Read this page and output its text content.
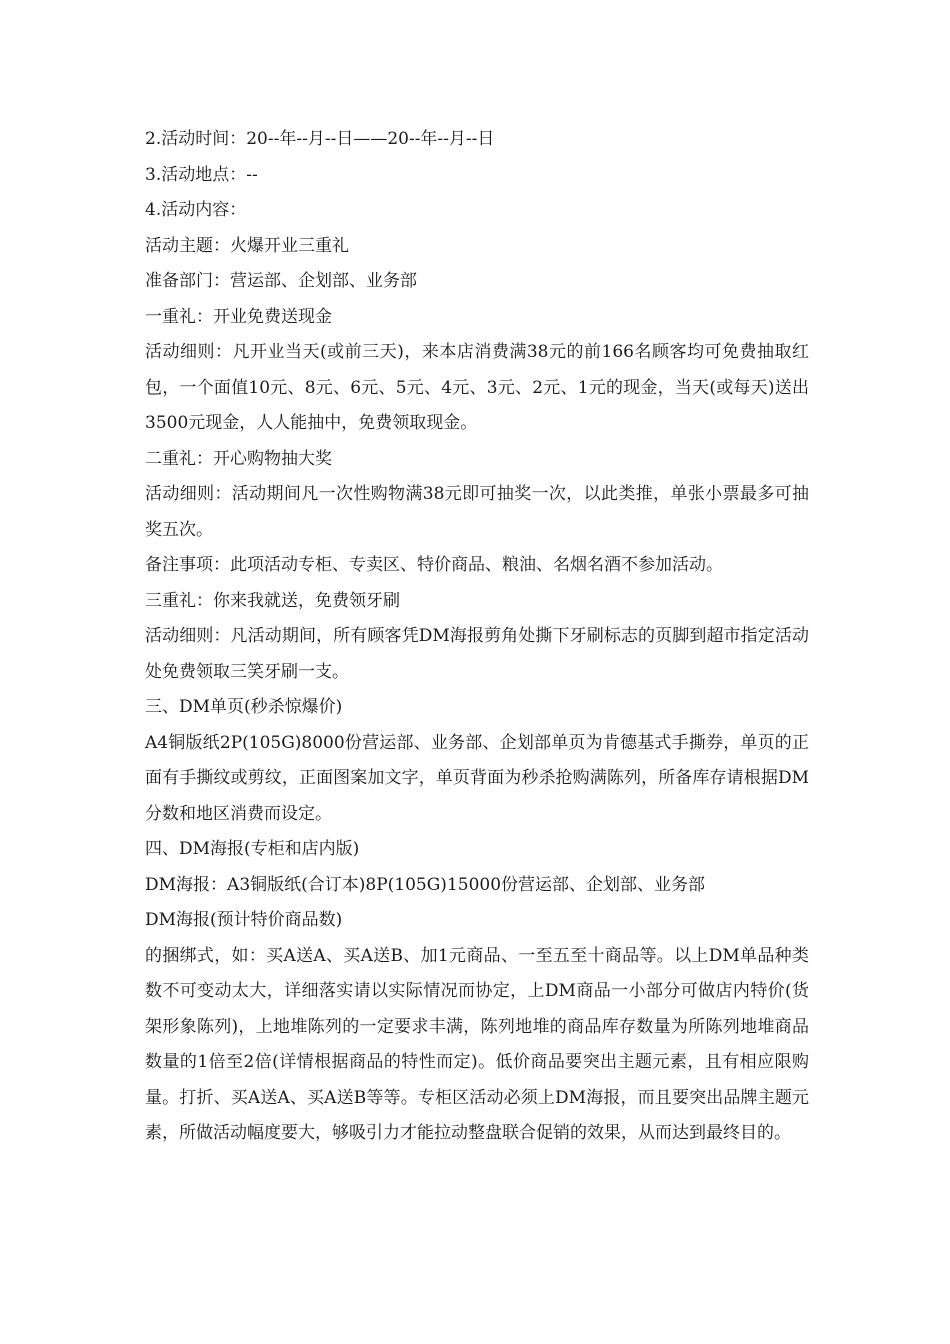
2.活动时间：20--年--月--日——20--年--月--日

3.活动地点：--

4.活动内容：

活动主题：火爆开业三重礼

准备部门：营运部、企划部、业务部

一重礼：开业免费送现金

活动细则：凡开业当天(或前三天)，来本店消费满38元的前166名顾客均可免费抽取红包，一个面值10元、8元、6元、5元、4元、3元、2元、1元的现金，当天(或每天)送出3500元现金，人人能抽中，免费领取现金。

二重礼：开心购物抽大奖

活动细则：活动期间凡一次性购物满38元即可抽奖一次，以此类推，单张小票最多可抽奖五次。

备注事项：此项活动专柜、专卖区、特价商品、粮油、名烟名酒不参加活动。

三重礼：你来我就送，免费领牙刷

活动细则：凡活动期间，所有顾客凭DM海报剪角处撕下牙刷标志的页脚到超市指定活动处免费领取三笑牙刷一支。

三、DM单页(秒杀惊爆价)

A4铜版纸2P(105G)8000份营运部、业务部、企划部单页为肯德基式手撕券，单页的正面有手撕纹或剪纹，正面图案加文字，单页背面为秒杀抢购满陈列，所备库存请根据DM分数和地区消费而设定。

四、DM海报(专柜和店内版)

DM海报：A3铜版纸(合订本)8P(105G)15000份营运部、企划部、业务部

DM海报(预计特价商品数)

的捆绑式，如：买A送A、买A送B、加1元商品、一至五至十商品等。以上DM单品种类数不可变动太大，详细落实请以实际情况而协定，上DM商品一小部分可做店内特价(货架形象陈列)，上地堆陈列的一定要求丰满，陈列地堆的商品库存数量为所陈列地堆商品数量的1倍至2倍(详情根据商品的特性而定)。低价商品要突出主题元素，且有相应限购量。打折、买A送A、买A送B等等。专柜区活动必须上DM海报，而且要突出品牌主题元素，所做活动幅度要大，够吸引力才能拉动整盘联合促销的效果，从而达到最终目的。
